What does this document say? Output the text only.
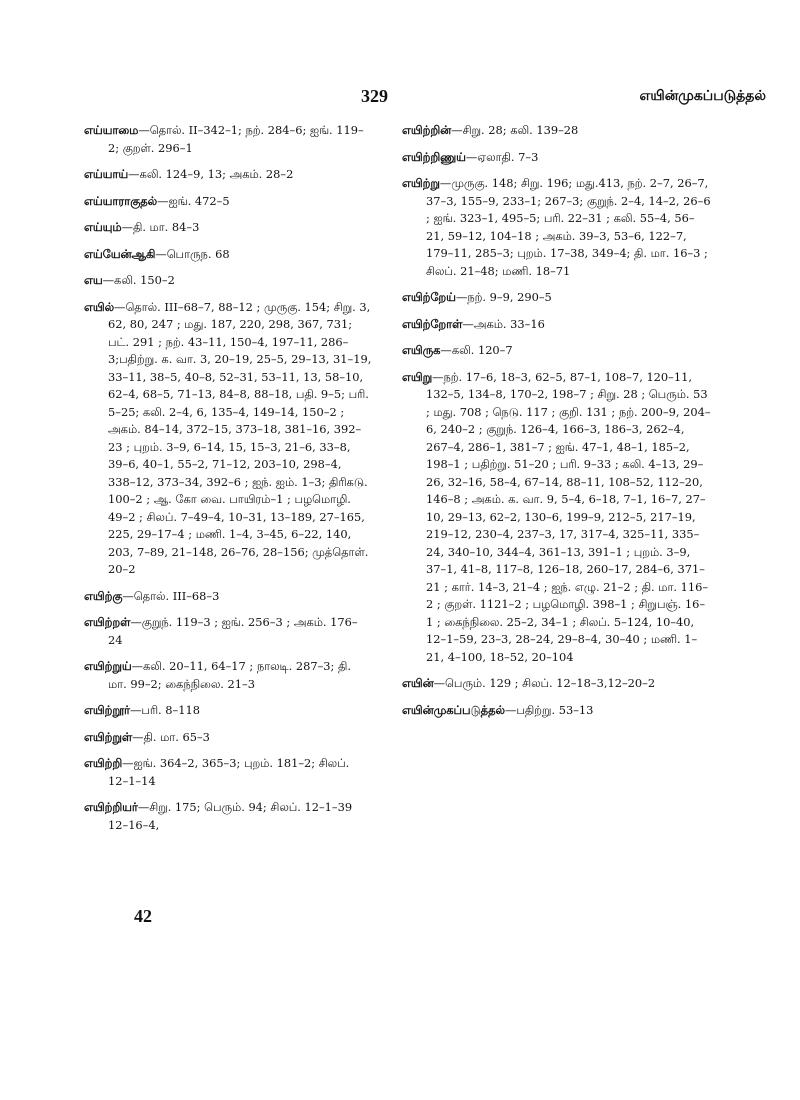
329	எயின்முகப்படுத்தல்

எய்யாமை—தொல். II–342–1; நற். 284–6; ஐங். 119–2; குறள். 296–1

எய்யாய்—கலி. 124–9, 13; அகம். 28–2

எய்யாராகுதல்—ஐங். 472–5

எய்யும்—தி. மா. 84–3

எய்யேன்ஆகி—பொருந. 68

எய—கலி. 150–2

எயில்—தொல். III–68–7, 88–12 ; முருகு. 154; சிறு. 3, 62, 80, 247 ; மது. 187, 220, 298, 367, 731; பட். 291 ; நற். 43–11, 150–4, 197–11, 286–3;பதிற்று. க. வா. 3, 20–19, 25–5, 29–13, 31–19, 33–11, 38–5, 40–8, 52–31, 53–11, 13, 58–10, 62–4, 68–5, 71–13, 84–8, 88–18, பதி. 9–5; பரி. 5–25; கலி. 2–4, 6, 135–4, 149–14, 150–2 ; அகம். 84–14, 372–15, 373–18, 381–16, 392–23 ; புறம். 3–9, 6–14, 15, 15–3, 21–6, 33–8, 39–6, 40–1, 55–2, 71–12, 203–10, 298–4, 338–12, 373–34, 392–6 ; ஐந். ஐம். 1–3; திரிகடு. 100–2 ; ஆ. கோ வை. பாயிரம்–1 ; பழமொழி. 49–2 ; சிலப். 7–49–4, 10–31, 13–189, 27–165, 225, 29–17–4 ; மணி. 1–4, 3–45, 6–22, 140, 203, 7–89, 21–148, 26–76, 28–156; முத்தொள். 20–2

எயிற்கு—தொல். III–68–3

எயிற்றள்—குறுந். 119–3 ; ஐங். 256–3 ; அகம். 176–24

எயிற்றுய்—கலி. 20–11, 64–17 ; நாலடி. 287–3; தி. மா. 99–2; கைந்நிலை. 21–3

எயிற்றூர்—பரி. 8–118

எயிற்றுள்—தி. மா. 65–3

எயிற்றி—ஐங். 364–2, 365–3; புறம். 181–2; சிலப். 12–1–14

எயிற்றியர்—சிறு. 175; பெரும். 94; சிலப். 12–1–39 12–16–4,

எயிற்றின்—சிறு. 28; கலி. 139–28

எயிற்றிணுய்—ஏலாதி. 7–3

எயிற்று—முருகு. 148; சிறு. 196; மது.413, நற். 2–7, 26–7, 37–3, 155–9, 233–1; 267–3; குறுந். 2–4, 14–2, 26–6 ; ஐங். 323–1, 495–5; பரி. 22–31 ; கலி. 55–4, 56–21, 59–12, 104–18 ; அகம். 39–3, 53–6, 122–7, 179–11, 285–3; புறம். 17–38, 349–4; தி. மா. 16–3 ; சிலப். 21–48; மணி. 18–71

எயிற்றேய்—நற். 9–9, 290–5

எயிற்றோள்—அகம். 33–16

எயிருக—கலி. 120–7

எயிறு—நற். 17–6, 18–3, 62–5, 87–1, 108–7, 120–11, 132–5, 134–8, 170–2, 198–7 ; சிறு. 28 ; பெரும். 53 ; மது. 708 ; நெடு. 117 ; குறி. 131 ; நற். 200–9, 204–6, 240–2 ; குறுந். 126–4, 166–3, 186–3, 262–4, 267–4, 286–1, 381–7 ; ஐங். 47–1, 48–1, 185–2, 198–1 ; பதிற்று. 51–20 ; பரி. 9–33 ; கலி. 4–13, 29–26, 32–16, 58–4, 67–14, 88–11, 108–52, 112–20, 146–8 ; அகம். க. வா. 9, 5–4, 6–18, 7–1, 16–7, 27–10, 29–13, 62–2, 130–6, 199–9, 212–5, 217–19, 219–12, 230–4, 237–3, 17, 317–4, 325–11, 335–24, 340–10, 344–4, 361–13, 391–1 ; புறம். 3–9, 37–1, 41–8, 117–8, 126–18, 260–17, 284–6, 371–21 ; கார். 14–3, 21–4 ; ஐந். எழு. 21–2 ; தி. மா. 116–2 ; குறள். 1121–2 ; பழமொழி. 398–1 ; சிறுபஞ். 16–1 ; கைந்நிலை. 25–2, 34–1 ; சிலப். 5–124, 10–40, 12–1–59, 23–3, 28–24, 29–8–4, 30–40 ; மணி. 1–21, 4–100, 18–52, 20–104

எயின்—பெரும். 129 ; சிலப். 12–18–3,12–20–2

எயின்முகப்படுத்தல்—பதிற்று. 53–13

42
